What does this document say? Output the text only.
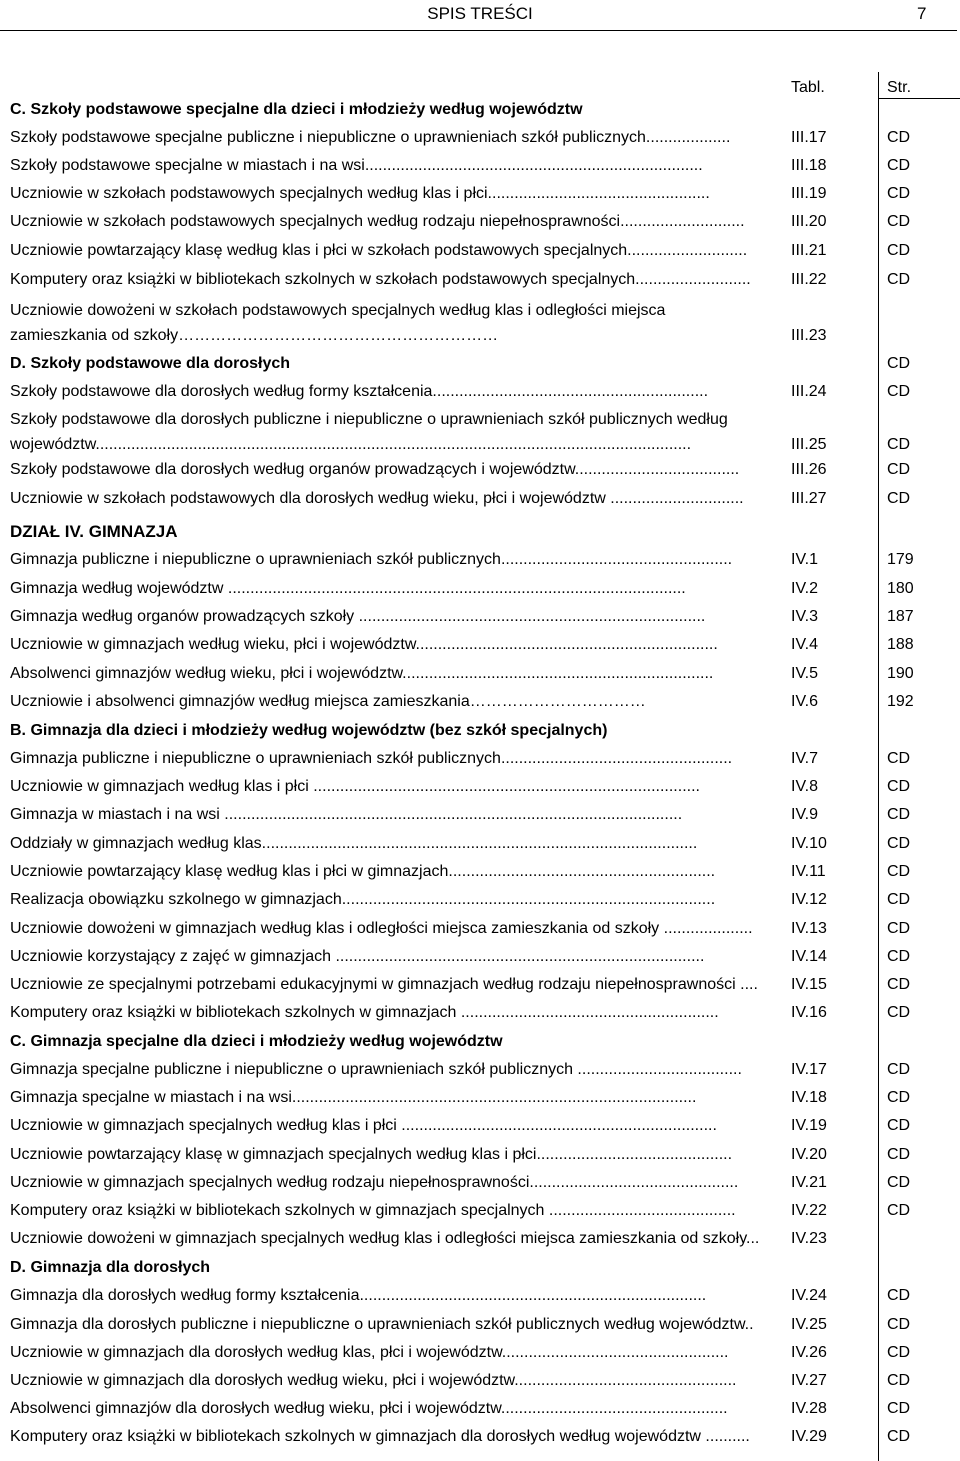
SPIS TREŚCI	7
Tabl.	Str.
C. Szkoły podstawowe specjalne dla dzieci i młodzieży według województw
Szkoły podstawowe specjalne publiczne i niepubliczne o uprawnieniach szkół publicznych...................	III.17	CD
Szkoły podstawowe specjalne w miastach i na wsi............................................................................	III.18	CD
Uczniowie w szkołach podstawowych specjalnych według klas i płci..................................................	III.19	CD
Uczniowie w szkołach podstawowych specjalnych według rodzaju niepełnosprawności............................	III.20	CD
Uczniowie powtarzający klasę według klas i płci w szkołach podstawowych specjalnych...........................	III.21	CD
Komputery oraz książki w bibliotekach szkolnych w szkołach podstawowych specjalnych..........................	III.22	CD
Uczniowie dowożeni w szkołach podstawowych specjalnych według klas i odległości miejsca
zamieszkania od szkoły……………………………………………………	III.23
D. Szkoły podstawowe dla dorosłych	CD
Szkoły podstawowe dla dorosłych według formy kształcenia..............................................................	III.24	CD
Szkoły podstawowe dla dorosłych publiczne i niepubliczne o uprawnieniach szkół publicznych według
województw......................................................................................................................................	III.25	CD
Szkoły podstawowe dla dorosłych według organów prowadzących i województw.....................................	III.26	CD
Uczniowie w szkołach podstawowych dla dorosłych według wieku, płci i województw ..............................	III.27	CD
DZIAŁ IV. GIMNAZJA
Gimnazja publiczne i niepubliczne o uprawnieniach szkół publicznych....................................................	IV.1	179
Gimnazja według województw .......................................................................................................	IV.2	180
Gimnazja według organów prowadzących szkoły ..............................................................................	IV.3	187
Uczniowie w gimnazjach według wieku, płci i województw....................................................................	IV.4	188
Absolwenci gimnazjów według wieku, płci i województw......................................................................	IV.5	190
Uczniowie i absolwenci gimnazjów według miejsca zamieszkania……………………………	IV.6	192
B. Gimnazja dla dzieci i młodzieży według województw (bez szkół specjalnych)
Gimnazja publiczne i niepubliczne o uprawnieniach szkół publicznych....................................................	IV.7	CD
Uczniowie w gimnazjach według klas i płci .......................................................................................	IV.8	CD
Gimnazja w miastach i na wsi .......................................................................................................	IV.9	CD
Oddziały w gimnazjach według klas..................................................................................................	IV.10	CD
Uczniowie powtarzający klasę według klas i płci w gimnazjach............................................................	IV.11	CD
Realizacja obowiązku szkolnego w gimnazjach....................................................................................	IV.12	CD
Uczniowie dowożeni w gimnazjach według klas i odległości miejsca zamieszkania od szkoły ....................	IV.13	CD
Uczniowie korzystający z zajęć w gimnazjach ...................................................................................	IV.14	CD
Uczniowie ze specjalnymi potrzebami edukacyjnymi w gimnazjach według rodzaju niepełnosprawności ....	IV.15	CD
Komputery oraz książki w bibliotekach szkolnych w gimnazjach ..........................................................	IV.16	CD
C. Gimnazja specjalne dla dzieci i młodzieży według województw
Gimnazja specjalne publiczne i niepubliczne o uprawnieniach szkół publicznych .....................................	IV.17	CD
Gimnazja specjalne w miastach i na wsi...........................................................................................	IV.18	CD
Uczniowie w gimnazjach specjalnych według klas i płci .......................................................................	IV.19	CD
Uczniowie powtarzający klasę w gimnazjach specjalnych według klas i płci............................................	IV.20	CD
Uczniowie w gimnazjach specjalnych według rodzaju niepełnosprawności...............................................	IV.21	CD
Komputery oraz książki w bibliotekach szkolnych w gimnazjach specjalnych ..........................................	IV.22	CD
Uczniowie dowożeni w gimnazjach specjalnych według klas i odległości miejsca zamieszkania od szkoły...	IV.23
D. Gimnazja dla dorosłych
Gimnazja dla dorosłych według formy kształcenia..............................................................................	IV.24	CD
Gimnazja dla dorosłych publiczne i niepubliczne o uprawnieniach szkół publicznych według województw..	IV.25	CD
Uczniowie w gimnazjach dla dorosłych według klas, płci i województw...................................................	IV.26	CD
Uczniowie w gimnazjach dla dorosłych według wieku, płci i województw..................................................	IV.27	CD
Absolwenci gimnazjów dla dorosłych według wieku, płci i województw...................................................	IV.28	CD
Komputery oraz książki w bibliotekach szkolnych w gimnazjach dla dorosłych według województw ..........	IV.29	CD
